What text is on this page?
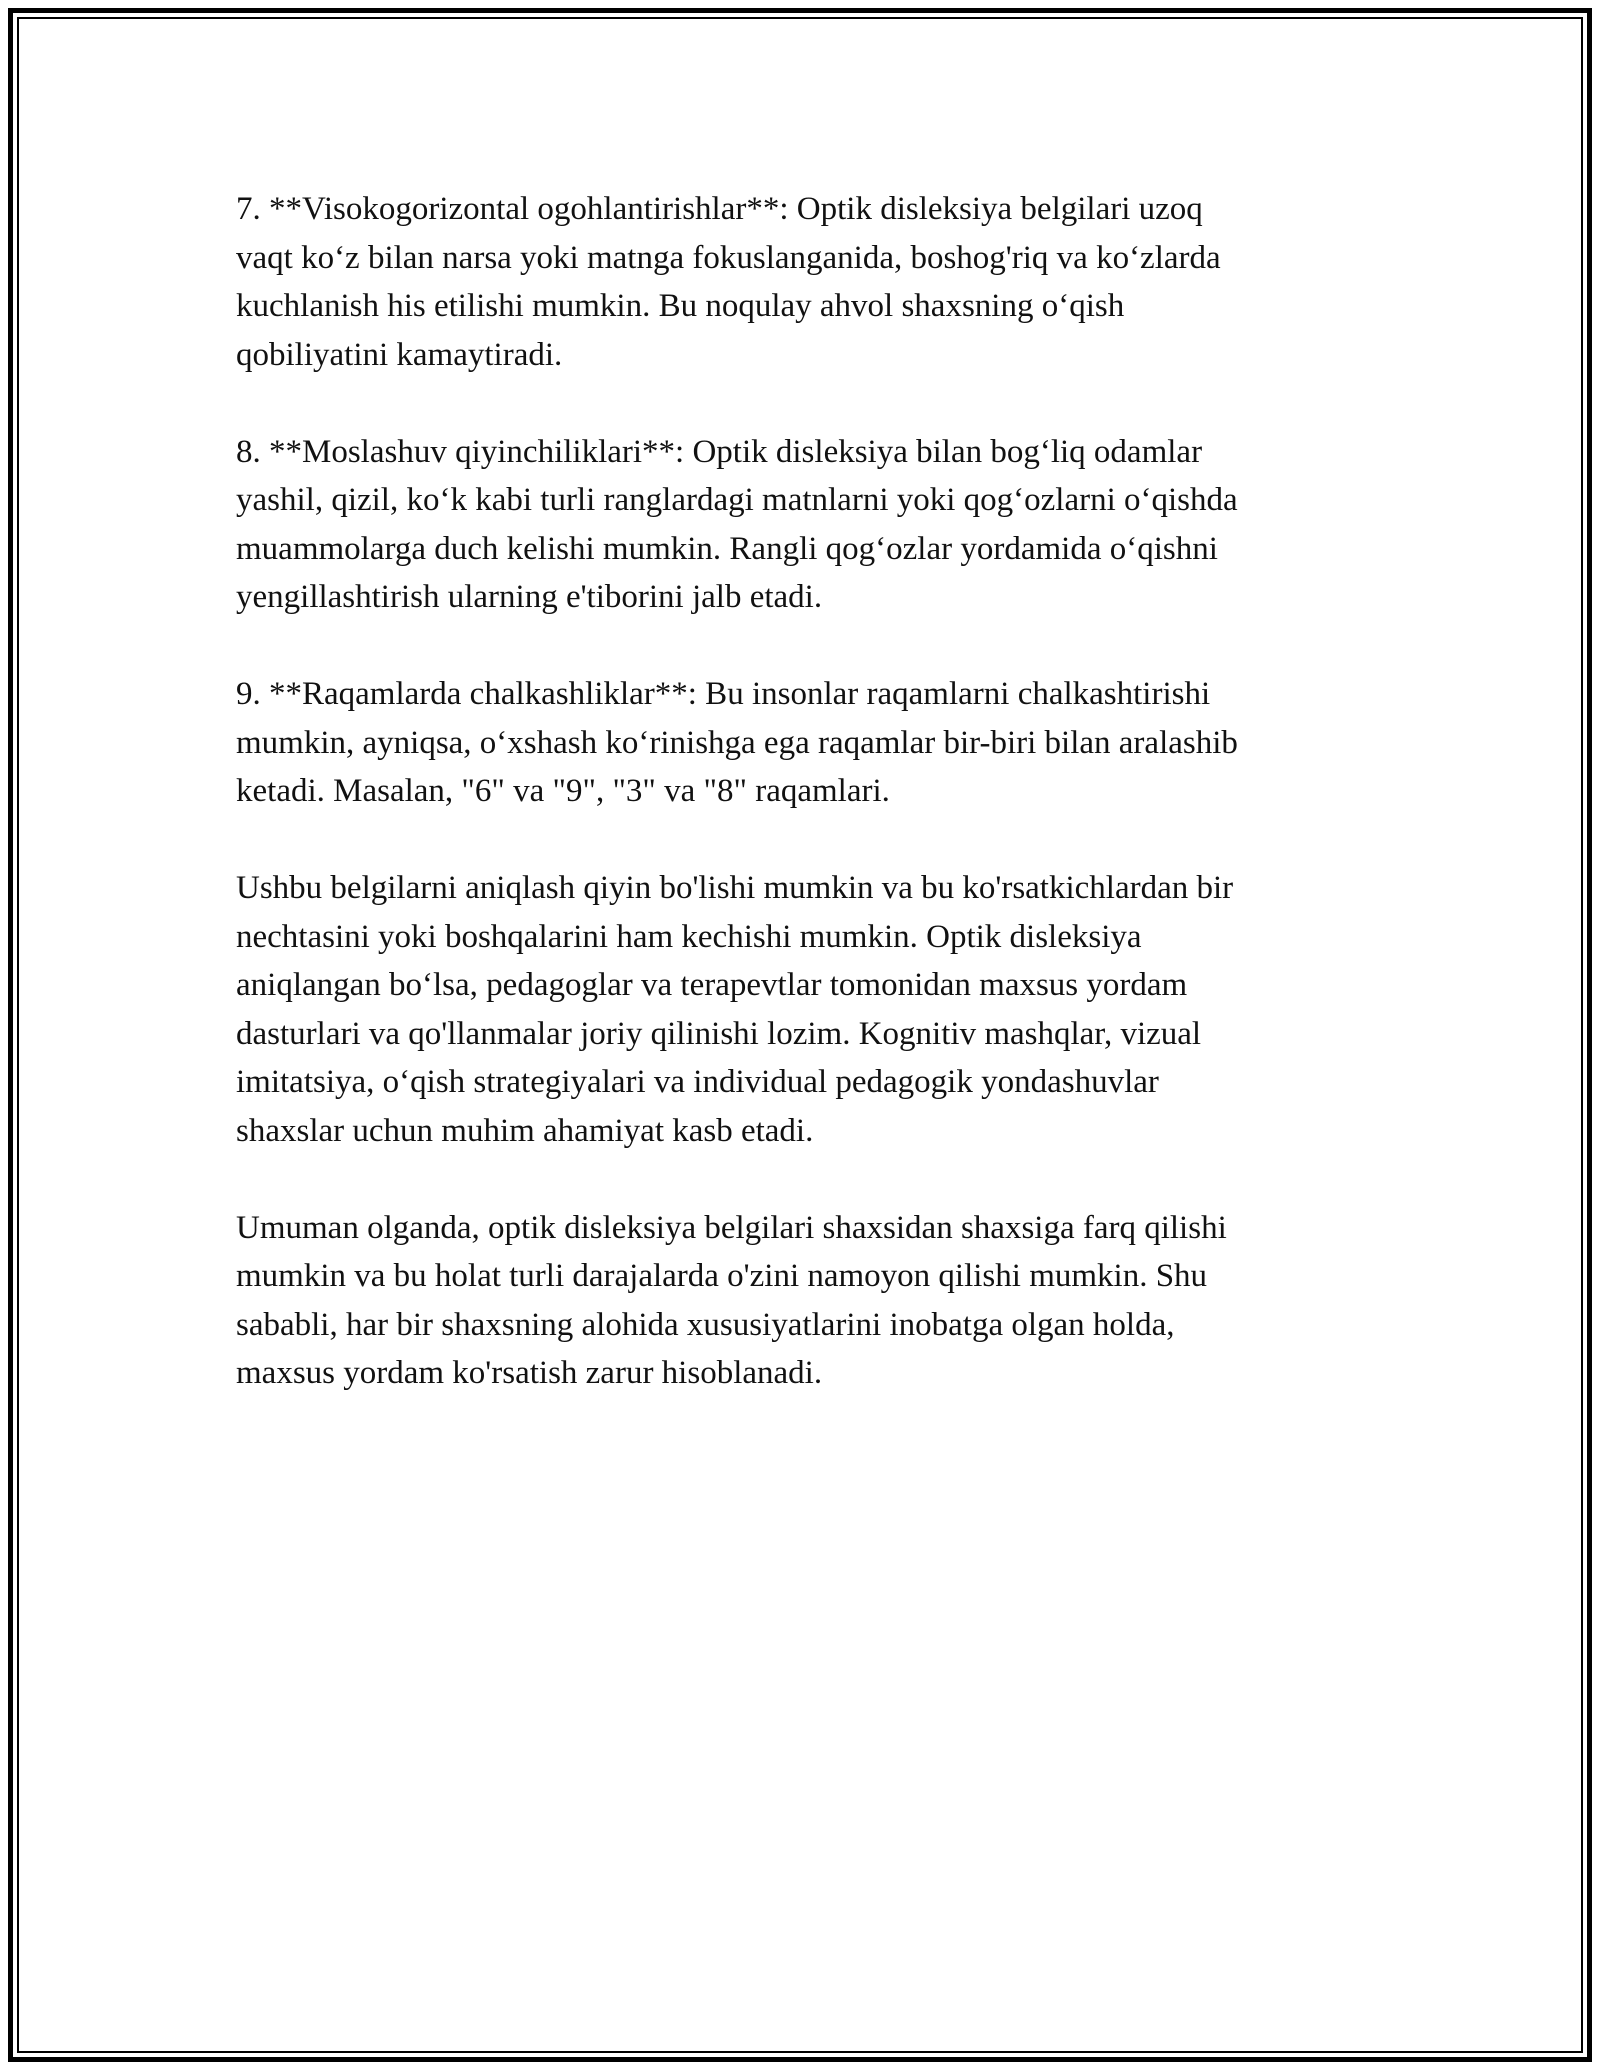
7. **Visokogorizontal ogohlantirishlar**: Optik disleksiya belgilari uzoq
vaqt ko‘z bilan narsa yoki matnga fokuslanganida, boshog'riq va ko‘zlarda
kuchlanish his etilishi mumkin. Bu noqulay ahvol shaxsning o‘qish
qobiliyatini kamaytiradi.

8. **Moslashuv qiyinchiliklari**: Optik disleksiya bilan bog‘liq odamlar
yashil, qizil, ko‘k kabi turli ranglardagi matnlarni yoki qog‘ozlarni o‘qishda
muammolarga duch kelishi mumkin. Rangli qog‘ozlar yordamida o‘qishni
yengillashtirish ularning e'tiborini jalb etadi.

9. **Raqamlarda chalkashliklar**: Bu insonlar raqamlarni chalkashtirishi
mumkin, ayniqsa, o‘xshash ko‘rinishga ega raqamlar bir-biri bilan aralashib
ketadi. Masalan, "6" va "9", "3" va "8" raqamlari.

Ushbu belgilarni aniqlash qiyin bo'lishi mumkin va bu ko'rsatkichlardan bir
nechtasini yoki boshqalarini ham kechishi mumkin. Optik disleksiya
aniqlangan bo‘lsa, pedagoglar va terapevtlar tomonidan maxsus yordam
dasturlari va qo'llanmalar joriy qilinishi lozim. Kognitiv mashqlar, vizual
imitatsiya, o‘qish strategiyalari va individual pedagogik yondashuvlar
shaxslar uchun muhim ahamiyat kasb etadi.

Umuman olganda, optik disleksiya belgilari shaxsidan shaxsiga farq qilishi
mumkin va bu holat turli darajalarda o'zini namoyon qilishi mumkin. Shu
sababli, har bir shaxsning alohida xususiyatlarini inobatga olgan holda,
maxsus yordam ko'rsatish zarur hisoblanadi.
